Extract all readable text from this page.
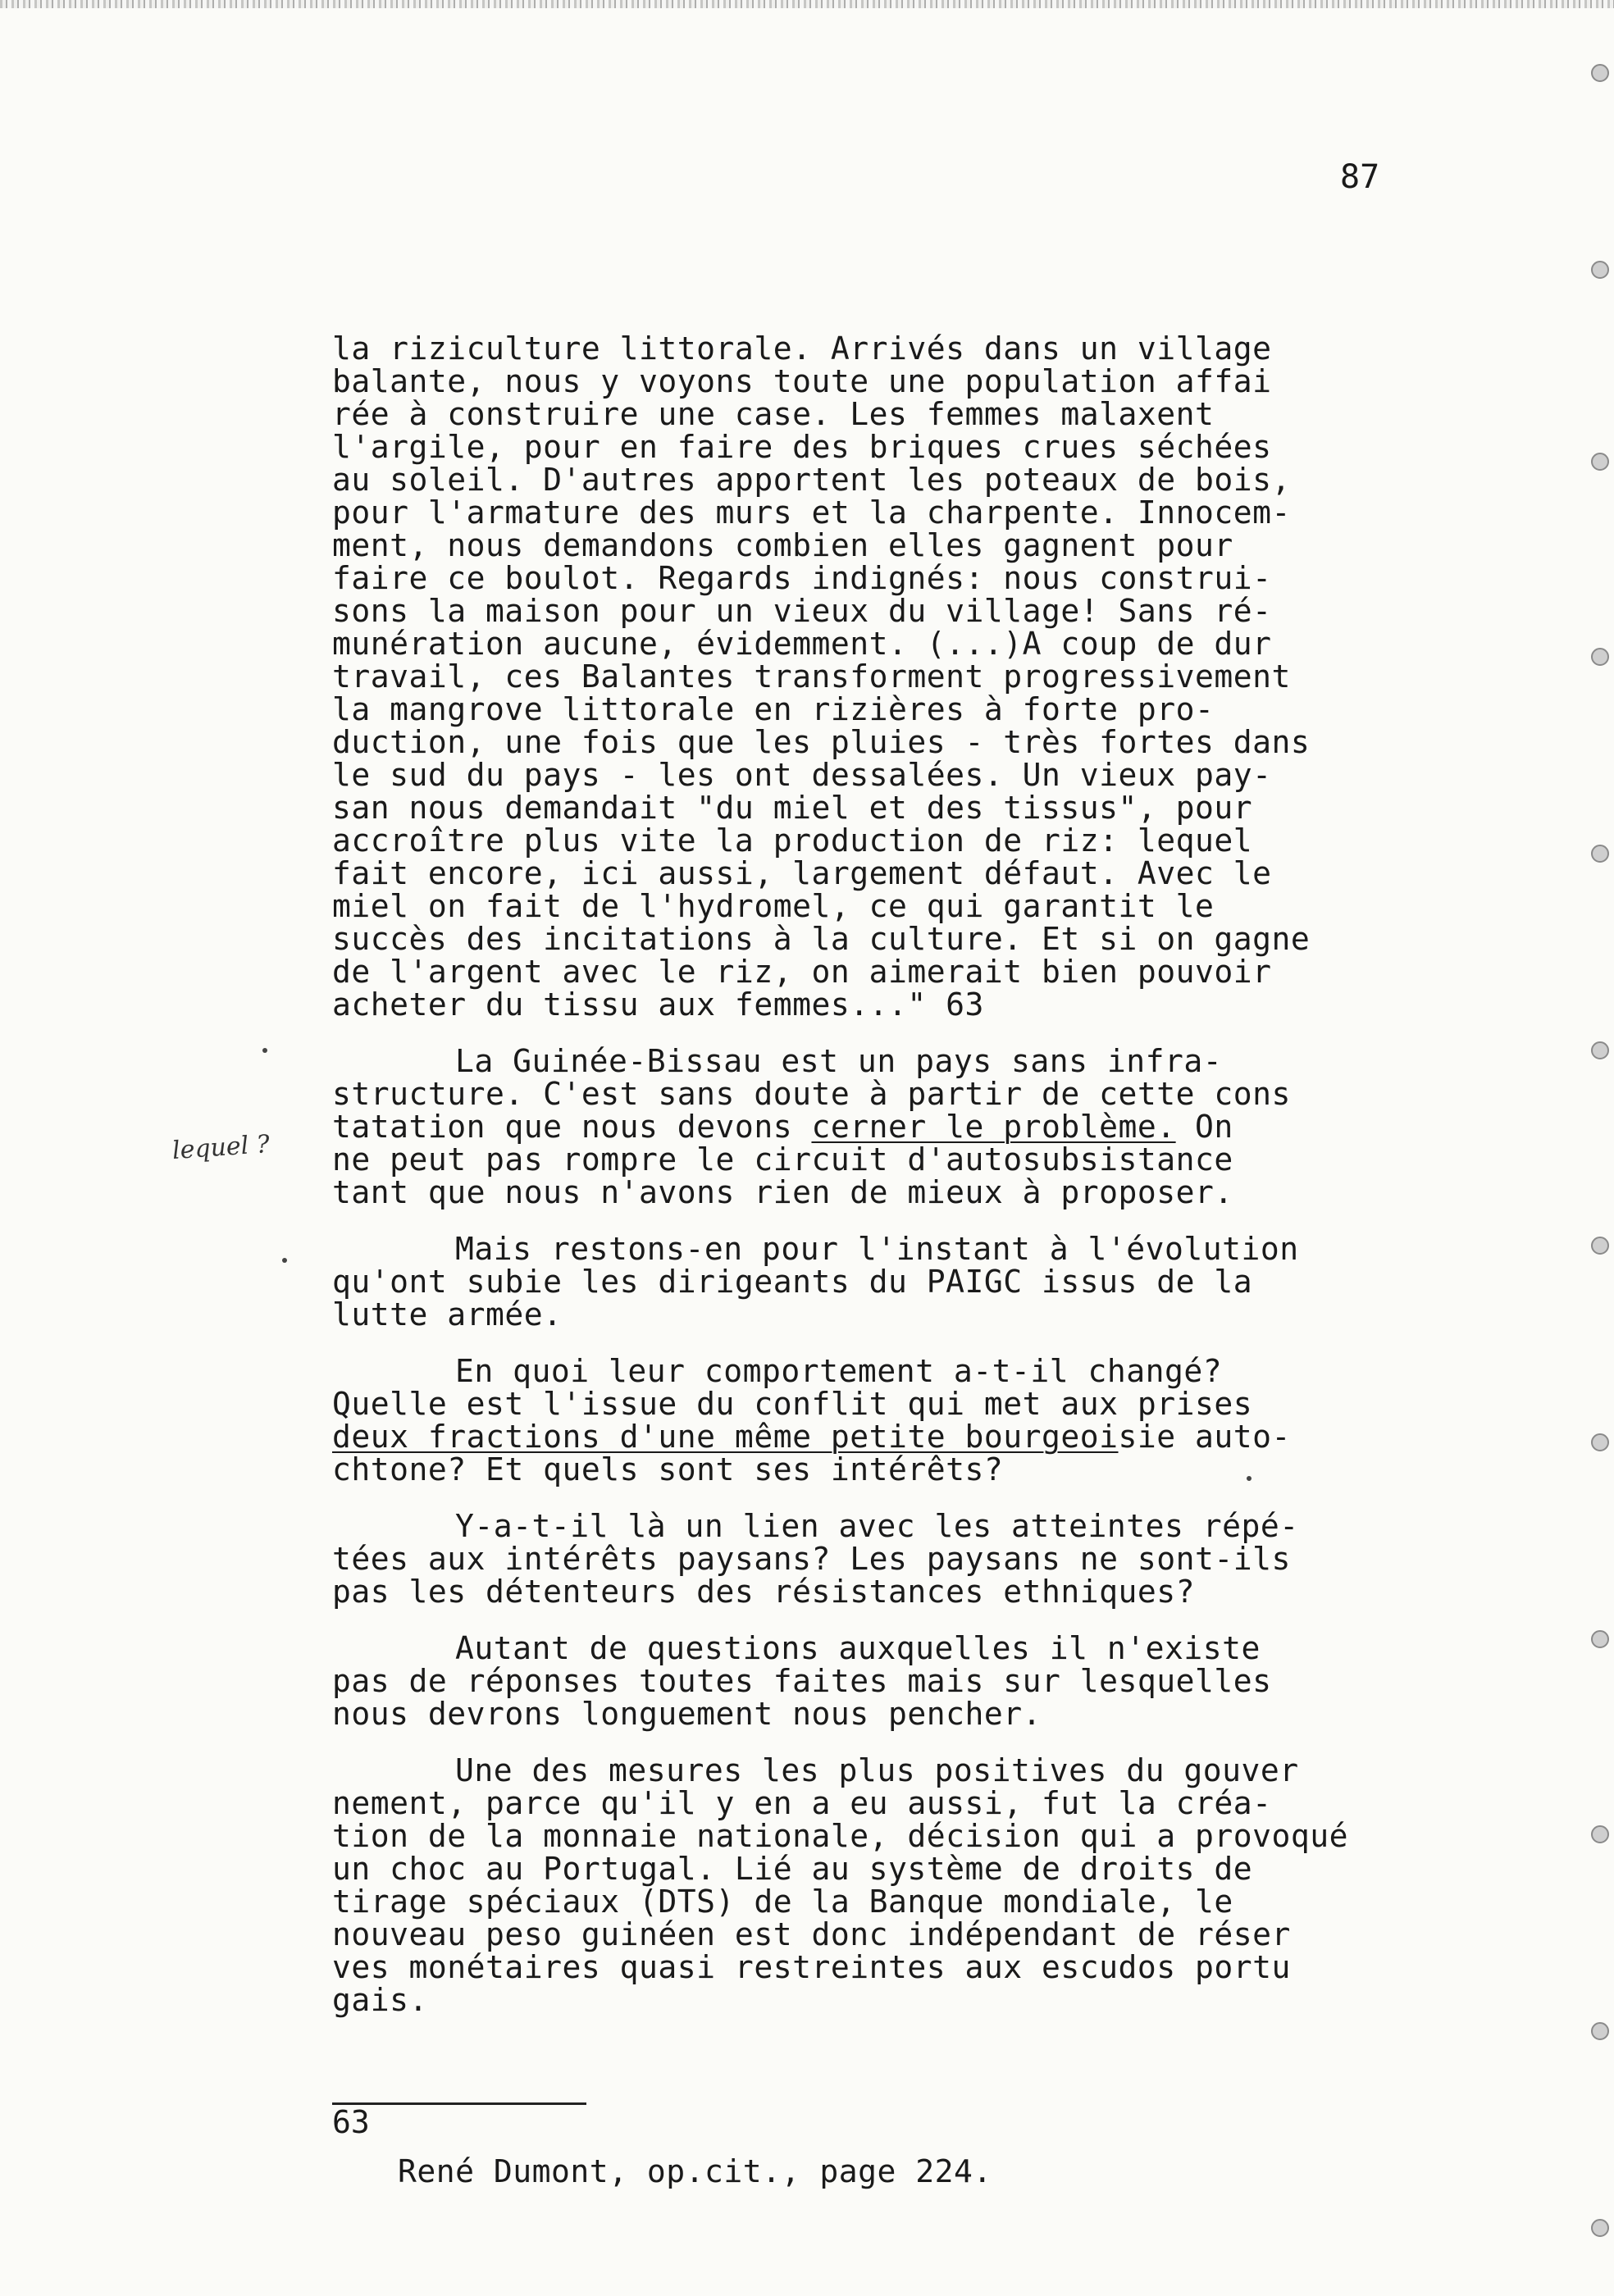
87
la riziculture littorale. Arrivés dans un village
balante, nous y voyons toute une population affai
rée à construire une case. Les femmes malaxent
l'argile, pour en faire des briques crues séchées
au soleil. D'autres apportent les poteaux de bois,
pour l'armature des murs et la charpente. Innocem-
ment, nous demandons combien elles gagnent pour
faire ce boulot. Regards indignés: nous construi-
sons la maison pour un vieux du village! Sans ré-
munération aucune, évidemment. (...)A coup de dur
travail, ces Balantes transforment progressivement
la mangrove littorale en rizières à forte pro-
duction, une fois que les pluies - très fortes dans
le sud du pays - les ont dessalées. Un vieux pay-
san nous demandait "du miel et des tissus", pour
accroître plus vite la production de riz: lequel
fait encore, ici aussi, largement défaut. Avec le
miel on fait de l'hydromel, ce qui garantit le
succès des incitations à la culture. Et si on gagne
de l'argent avec le riz, on aimerait bien pouvoir
acheter du tissu aux femmes..." 63
La Guinée-Bissau est un pays sans infra-
structure. C'est sans doute à partir de cette cons
tatation que nous devons cerner le problème. On
ne peut pas rompre le circuit d'autosubsistance
tant que nous n'avons rien de mieux à proposer.
Mais restons-en pour l'instant à l'évolution
qu'ont subie les dirigeants du PAIGC issus de la
lutte armée.
En quoi leur comportement a-t-il changé?
Quelle est l'issue du conflit qui met aux prises
deux fractions d'une même petite bourgeoisie auto-
chtone? Et quels sont ses intérêts?
Y-a-t-il là un lien avec les atteintes répé-
tées aux intérêts paysans? Les paysans ne sont-ils
pas les détenteurs des résistances ethniques?
Autant de questions auxquelles il n'existe
pas de réponses toutes faites mais sur lesquelles
nous devrons longuement nous pencher.
Une des mesures les plus positives du gouver
nement, parce qu'il y en a eu aussi, fut la créa-
tion de la monnaie nationale, décision qui a provoqué
un choc au Portugal. Lié au système de droits de
tirage spéciaux (DTS) de la Banque mondiale, le
nouveau peso guinéen est donc indépendant de réser
ves monétaires quasi restreintes aux escudos portu
gais.
lequel ?
63
René Dumont, op.cit., page 224.
